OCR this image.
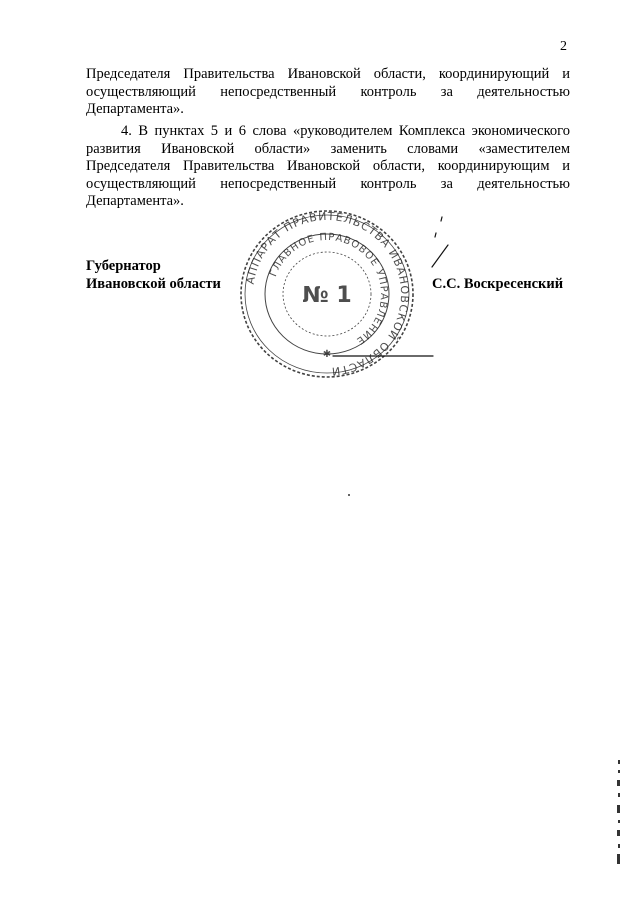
2

Председателя Правительства Ивановской области, координирующий и осуществляющий непосредственный контроль за деятельностью Департамента».

4. В пунктах 5 и 6 слова «руководителем Комплекса экономического развития Ивановской области» заменить словами «заместителем Председателя Правительства Ивановской области, координирующим и осуществляющий непосредственный контроль за деятельностью Департамента».

Губернатор
Ивановской области	С.С. Воскресенский
АППАРАТ ПРАВИТЕЛЬСТВА ИВАНОВСКОЙ ОБЛАСТИ
ГЛАВНОЕ ПРАВОВОЕ УПРАВЛЕНИЕ
№ 1
✱
